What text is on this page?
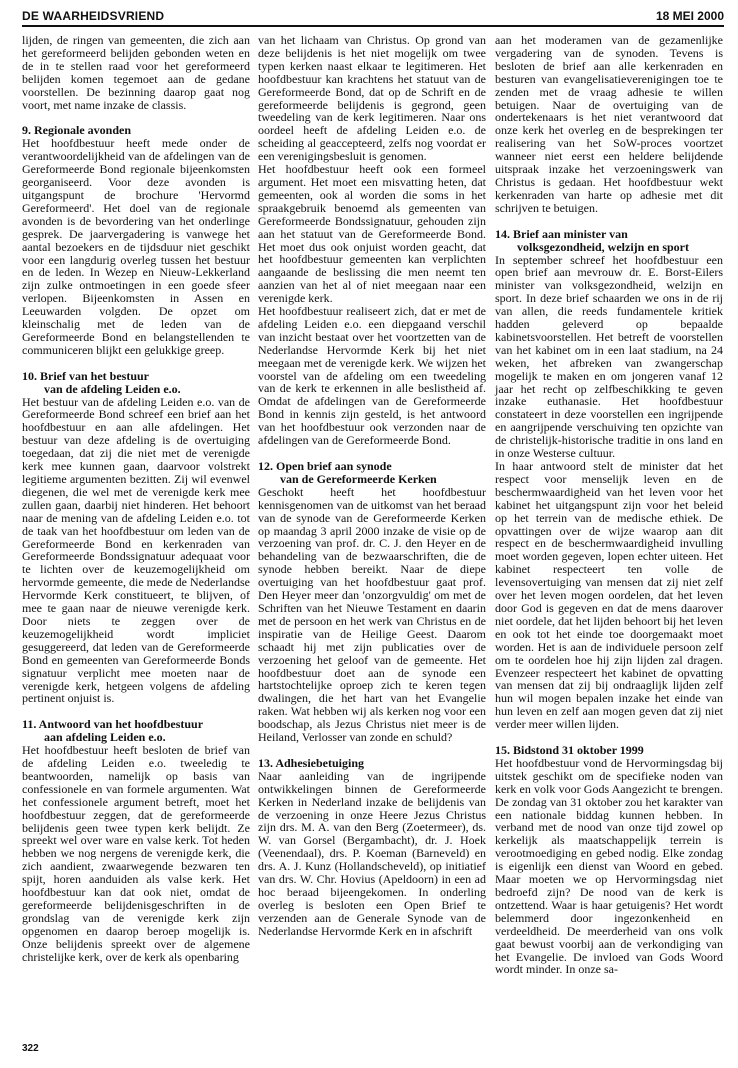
DE WAARHEIDSVRIEND	18 MEI 2000

lijden, de ringen van gemeenten, die zich aan het gereformeerd belijden gebonden weten en de in te stellen raad voor het gereformeerd belijden komen tegemoet aan de gedane voorstellen. De bezinning daarop gaat nog voort, met name inzake de classis.

9. Regionale avonden

Het hoofdbestuur heeft mede onder de verantwoordelijkheid van de afdelingen van de Gereformeerde Bond regionale bijeenkomsten georganiseerd. Voor deze avonden is uitgangspunt de brochure 'Hervormd Gereformeerd'. Het doel van de regionale avonden is de bevordering van het onderlinge gesprek. De jaarvergadering is vanwege het aantal bezoekers en de tijdsduur niet geschikt voor een langdurig overleg tussen het bestuur en de leden. In Wezep en Nieuw-Lekkerland zijn zulke ontmoetingen in een goede sfeer verlopen. Bijeenkomsten in Assen en Leeuwarden volgden. De opzet om kleinschalig met de leden van de Gereformeerde Bond en belangstellenden te communiceren blijkt een gelukkige greep.

10. Brief van het bestuur
van de afdeling Leiden e.o.

Het bestuur van de afdeling Leiden e.o. van de Gereformeerde Bond schreef een brief aan het hoofdbestuur en aan alle afdelingen. Het bestuur van deze afdeling is de overtuiging toegedaan, dat zij die niet met de verenigde kerk mee kunnen gaan, daarvoor volstrekt legitieme argumenten bezitten. Zij wil evenwel diegenen, die wel met de verenigde kerk mee zullen gaan, daarbij niet hinderen. Het behoort naar de mening van de afdeling Leiden e.o. tot de taak van het hoofdbestuur om leden van de Gereformeerde Bond en kerkenraden van Gereformeerde Bondssignatuur adequaat voor te lichten over de keuzemogelijkheid om hervormde gemeente, die mede de Nederlandse Hervormde Kerk constitueert, te blijven, of mee te gaan naar de nieuwe verenigde kerk. Door niets te zeggen over de keuzemogelijkheid wordt impliciet gesuggereerd, dat leden van de Gereformeerde Bond en gemeenten van Gereformeerde Bonds signatuur verplicht mee moeten naar de verenigde kerk, hetgeen volgens de afdeling pertinent onjuist is.

11. Antwoord van het hoofdbestuur
aan afdeling Leiden e.o.

Het hoofdbestuur heeft besloten de brief van de afdeling Leiden e.o. tweeledig te beantwoorden, namelijk op basis van confessionele en van formele argumenten. Wat het confessionele argument betreft, moet het hoofdbestuur zeggen, dat de gereformeerde belijdenis geen twee typen kerk belijdt. Ze spreekt wel over ware en valse kerk. Tot heden hebben we nog nergens de verenigde kerk, die zich aandient, zwaarwegende bezwaren ten spijt, horen aanduiden als valse kerk. Het hoofdbestuur kan dat ook niet, omdat de gereformeerde belijdenisgeschriften in de grondslag van de verenigde kerk zijn opgenomen en daarop beroep mogelijk is. Onze belijdenis spreekt over de algemene christelijke kerk, over de kerk als openbaring

van het lichaam van Christus. Op grond van deze belijdenis is het niet mogelijk om twee typen kerken naast elkaar te legitimeren. Het hoofdbestuur kan krachtens het statuut van de Gereformeerde Bond, dat op de Schrift en de gereformeerde belijdenis is gegrond, geen tweedeling van de kerk legitimeren. Naar ons oordeel heeft de afdeling Leiden e.o. de scheiding al geaccepteerd, zelfs nog voordat er een verenigingsbesluit is genomen.

Het hoofdbestuur heeft ook een formeel argument. Het moet een misvatting heten, dat gemeenten, ook al worden die soms in het spraakgebruik benoemd als gemeenten van Gereformeerde Bondssignatuur, gehouden zijn aan het statuut van de Gereformeerde Bond. Het moet dus ook onjuist worden geacht, dat het hoofdbestuur gemeenten kan verplichten aangaande de beslissing die men neemt ten aanzien van het al of niet meegaan naar een verenigde kerk.

Het hoofdbestuur realiseert zich, dat er met de afdeling Leiden e.o. een diepgaand verschil van inzicht bestaat over het voortzetten van de Nederlandse Hervormde Kerk bij het niet meegaan met de verenigde kerk. We wijzen het voorstel van de afdeling om een tweedeling van de kerk te erkennen in alle beslistheid af. Omdat de afdelingen van de Gereformeerde Bond in kennis zijn gesteld, is het antwoord van het hoofdbestuur ook verzonden naar de afdelingen van de Gereformeerde Bond.

12. Open brief aan synode
van de Gereformeerde Kerken

Geschokt heeft het hoofdbestuur kennisgenomen van de uitkomst van het beraad van de synode van de Gereformeerde Kerken op maandag 3 april 2000 inzake de visie op de verzoening van prof. dr. C. J. den Heyer en de behandeling van de bezwaarschriften, die de synode hebben bereikt. Naar de diepe overtuiging van het hoofdbestuur gaat prof. Den Heyer meer dan 'onzorgvuldig' om met de Schriften van het Nieuwe Testament en daarin met de persoon en het werk van Christus en de inspiratie van de Heilige Geest. Daarom schaadt hij met zijn publicaties over de verzoening het geloof van de gemeente. Het hoofdbestuur doet aan de synode een hartstochtelijke oproep zich te keren tegen dwalingen, die het hart van het Evangelie raken. Wat hebben wij als kerken nog voor een boodschap, als Jezus Christus niet meer is de Heiland, Verlosser van zonde en schuld?

13. Adhesiebetuiging

Naar aanleiding van de ingrijpende ontwikkelingen binnen de Gereformeerde Kerken in Nederland inzake de belijdenis van de verzoening in onze Heere Jezus Christus zijn drs. M. A. van den Berg (Zoetermeer), ds. W. van Gorsel (Bergambacht), dr. J. Hoek (Veenendaal), drs. P. Koeman (Barneveld) en drs. A. J. Kunz (Hollandscheveld), op initiatief van drs. W. Chr. Hovius (Apeldoorn) in een ad hoc beraad bijeengekomen. In onderling overleg is besloten een Open Brief te verzenden aan de Generale Synode van de Nederlandse Hervormde Kerk en in afschrift

aan het moderamen van de gezamenlijke vergadering van de synoden. Tevens is besloten de brief aan alle kerkenraden en besturen van evangelisatieverenigingen toe te zenden met de vraag adhesie te willen betuigen. Naar de overtuiging van de ondertekenaars is het niet verantwoord dat onze kerk het overleg en de besprekingen ter realisering van het SoW-proces voortzet wanneer niet eerst een heldere belijdende uitspraak inzake het verzoeningswerk van Christus is gedaan. Het hoofdbestuur wekt kerkenraden van harte op adhesie met dit schrijven te betuigen.

14. Brief aan minister van
volksgezondheid, welzijn en sport

In september schreef het hoofdbestuur een open brief aan mevrouw dr. E. Borst-Eilers minister van volksgezondheid, welzijn en sport. In deze brief schaarden we ons in de rij van allen, die reeds fundamentele kritiek hadden geleverd op bepaalde kabinetsvoorstellen. Het betreft de voorstellen van het kabinet om in een laat stadium, na 24 weken, het afbreken van zwangerschap mogelijk te maken en om jongeren vanaf 12 jaar het recht op zelfbeschikking te geven inzake euthanasie. Het hoofdbestuur constateert in deze voorstellen een ingrijpende en aangrijpende verschuiving ten opzichte van de christelijk-historische traditie in ons land en in onze Westerse cultuur.

In haar antwoord stelt de minister dat het respect voor menselijk leven en de beschermwaardigheid van het leven voor het kabinet het uitgangspunt zijn voor het beleid op het terrein van de medische ethiek. De opvattingen over de wijze waarop aan dit respect en de beschermwaardigheid invulling moet worden gegeven, lopen echter uiteen. Het kabinet respecteert ten volle de levensovertuiging van mensen dat zij niet zelf over het leven mogen oordelen, dat het leven door God is gegeven en dat de mens daarover niet oordele, dat het lijden behoort bij het leven en ook tot het einde toe doorgemaakt moet worden. Het is aan de individuele persoon zelf om te oordelen hoe hij zijn lijden zal dragen. Evenzeer respecteert het kabinet de opvatting van mensen dat zij bij ondraaglijk lijden zelf hun wil mogen bepalen inzake het einde van hun leven en zelf aan mogen geven dat zij niet verder meer willen lijden.

15. Bidstond 31 oktober 1999

Het hoofdbestuur vond de Hervormingsdag bij uitstek geschikt om de specifieke noden van kerk en volk voor Gods Aangezicht te brengen. De zondag van 31 oktober zou het karakter van een nationale biddag kunnen hebben. In verband met de nood van onze tijd zowel op kerkelijk als maatschappelijk terrein is verootmoediging en gebed nodig. Elke zondag is eigenlijk een dienst van Woord en gebed. Maar moeten we op Hervormingsdag niet bedroefd zijn? De nood van de kerk is ontzettend. Waar is haar getuigenis? Het wordt belemmerd door ingezonkenheid en verdeeldheid. De meerderheid van ons volk gaat bewust voorbij aan de verkondiging van het Evangelie. De invloed van Gods Woord wordt minder. In onze sa-

322
